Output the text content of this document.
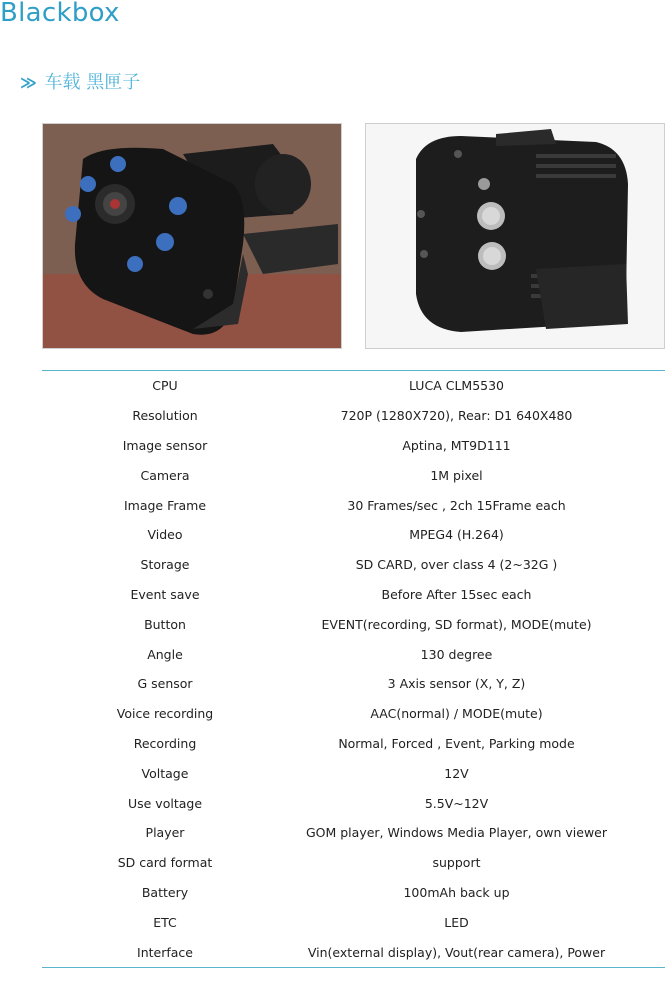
Blackbox
≫ 车载 黑匣子
CPU	LUCA CLM5530
Resolution	720P (1280X720), Rear: D1 640X480
Image sensor	Aptina, MT9D111
Camera	1M pixel
Image Frame	30 Frames/sec , 2ch 15Frame each
Video	MPEG4 (H.264)
Storage	SD CARD, over class 4 (2~32G )
Event save	Before After 15sec each
Button	EVENT(recording, SD format), MODE(mute)
Angle	130 degree
G sensor	3 Axis sensor (X, Y, Z)
Voice recording	AAC(normal) / MODE(mute)
Recording	Normal, Forced , Event, Parking mode
Voltage	12V
Use voltage	5.5V~12V
Player	GOM player, Windows Media Player, own viewer
SD card format	support
Battery	100mAh back up
ETC	LED
Interface	Vin(external display), Vout(rear camera), Power
